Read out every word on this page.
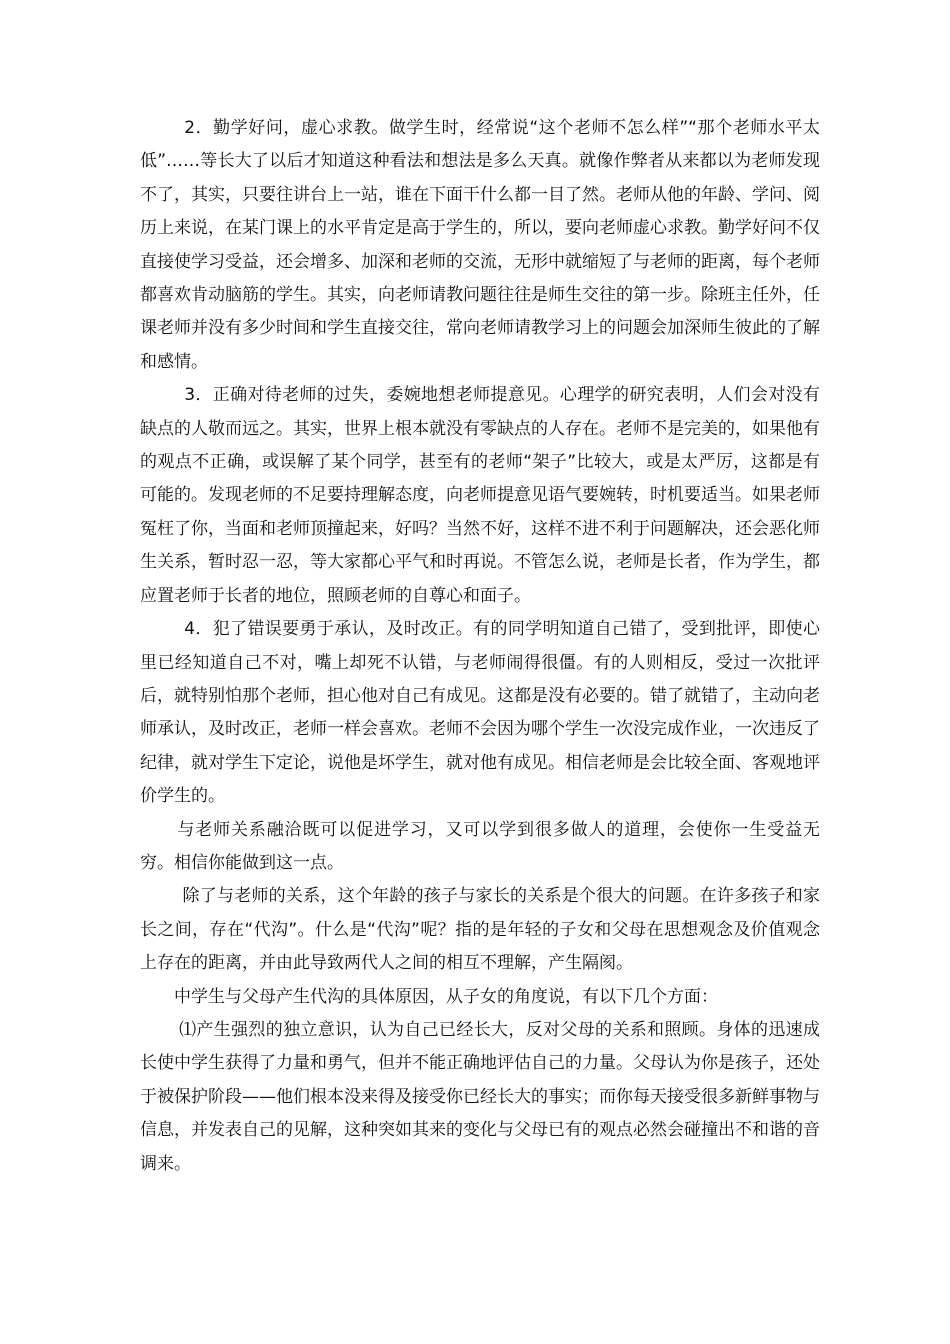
2．勤学好问，虚心求教。做学生时，经常说“这个老师不怎么样”“那个老师水平太低”……等长大了以后才知道这种看法和想法是多么天真。就像作弊者从来都以为老师发现不了，其实，只要往讲台上一站，谁在下面干什么都一目了然。老师从他的年龄、学问、阅历上来说，在某门课上的水平肯定是高于学生的，所以，要向老师虚心求教。勤学好问不仅直接使学习受益，还会增多、加深和老师的交流，无形中就缩短了与老师的距离，每个老师都喜欢肯动脑筋的学生。其实，向老师请教问题往往是师生交往的第一步。除班主任外，任课老师并没有多少时间和学生直接交往，常向老师请教学习上的问题会加深师生彼此的了解和感情。

3．正确对待老师的过失，委婉地想老师提意见。心理学的研究表明，人们会对没有缺点的人敬而远之。其实，世界上根本就没有零缺点的人存在。老师不是完美的，如果他有的观点不正确，或误解了某个同学，甚至有的老师“架子”比较大，或是太严厉，这都是有可能的。发现老师的不足要持理解态度，向老师提意见语气要婉转，时机要适当。如果老师冤枉了你，当面和老师顶撞起来，好吗？当然不好，这样不进不利于问题解决，还会恶化师生关系，暂时忍一忍，等大家都心平气和时再说。不管怎么说，老师是长者，作为学生，都应置老师于长者的地位，照顾老师的自尊心和面子。

4．犯了错误要勇于承认，及时改正。有的同学明知道自己错了，受到批评，即使心里已经知道自己不对，嘴上却死不认错，与老师闹得很僵。有的人则相反，受过一次批评后，就特别怕那个老师，担心他对自己有成见。这都是没有必要的。错了就错了，主动向老师承认，及时改正，老师一样会喜欢。老师不会因为哪个学生一次没完成作业，一次违反了纪律，就对学生下定论，说他是坏学生，就对他有成见。相信老师是会比较全面、客观地评价学生的。

与老师关系融洽既可以促进学习，又可以学到很多做人的道理，会使你一生受益无穷。相信你能做到这一点。

除了与老师的关系，这个年龄的孩子与家长的关系是个很大的问题。在许多孩子和家长之间，存在“代沟”。什么是“代沟”呢？指的是年轻的子女和父母在思想观念及价值观念上存在的距离，并由此导致两代人之间的相互不理解，产生隔阂。

中学生与父母产生代沟的具体原因，从子女的角度说，有以下几个方面：

⑴产生强烈的独立意识，认为自己已经长大，反对父母的关系和照顾。身体的迅速成长使中学生获得了力量和勇气，但并不能正确地评估自己的力量。父母认为你是孩子，还处于被保护阶段——他们根本没来得及接受你已经长大的事实；而你每天接受很多新鲜事物与信息，并发表自己的见解，这种突如其来的变化与父母已有的观点必然会碰撞出不和谐的音调来。
